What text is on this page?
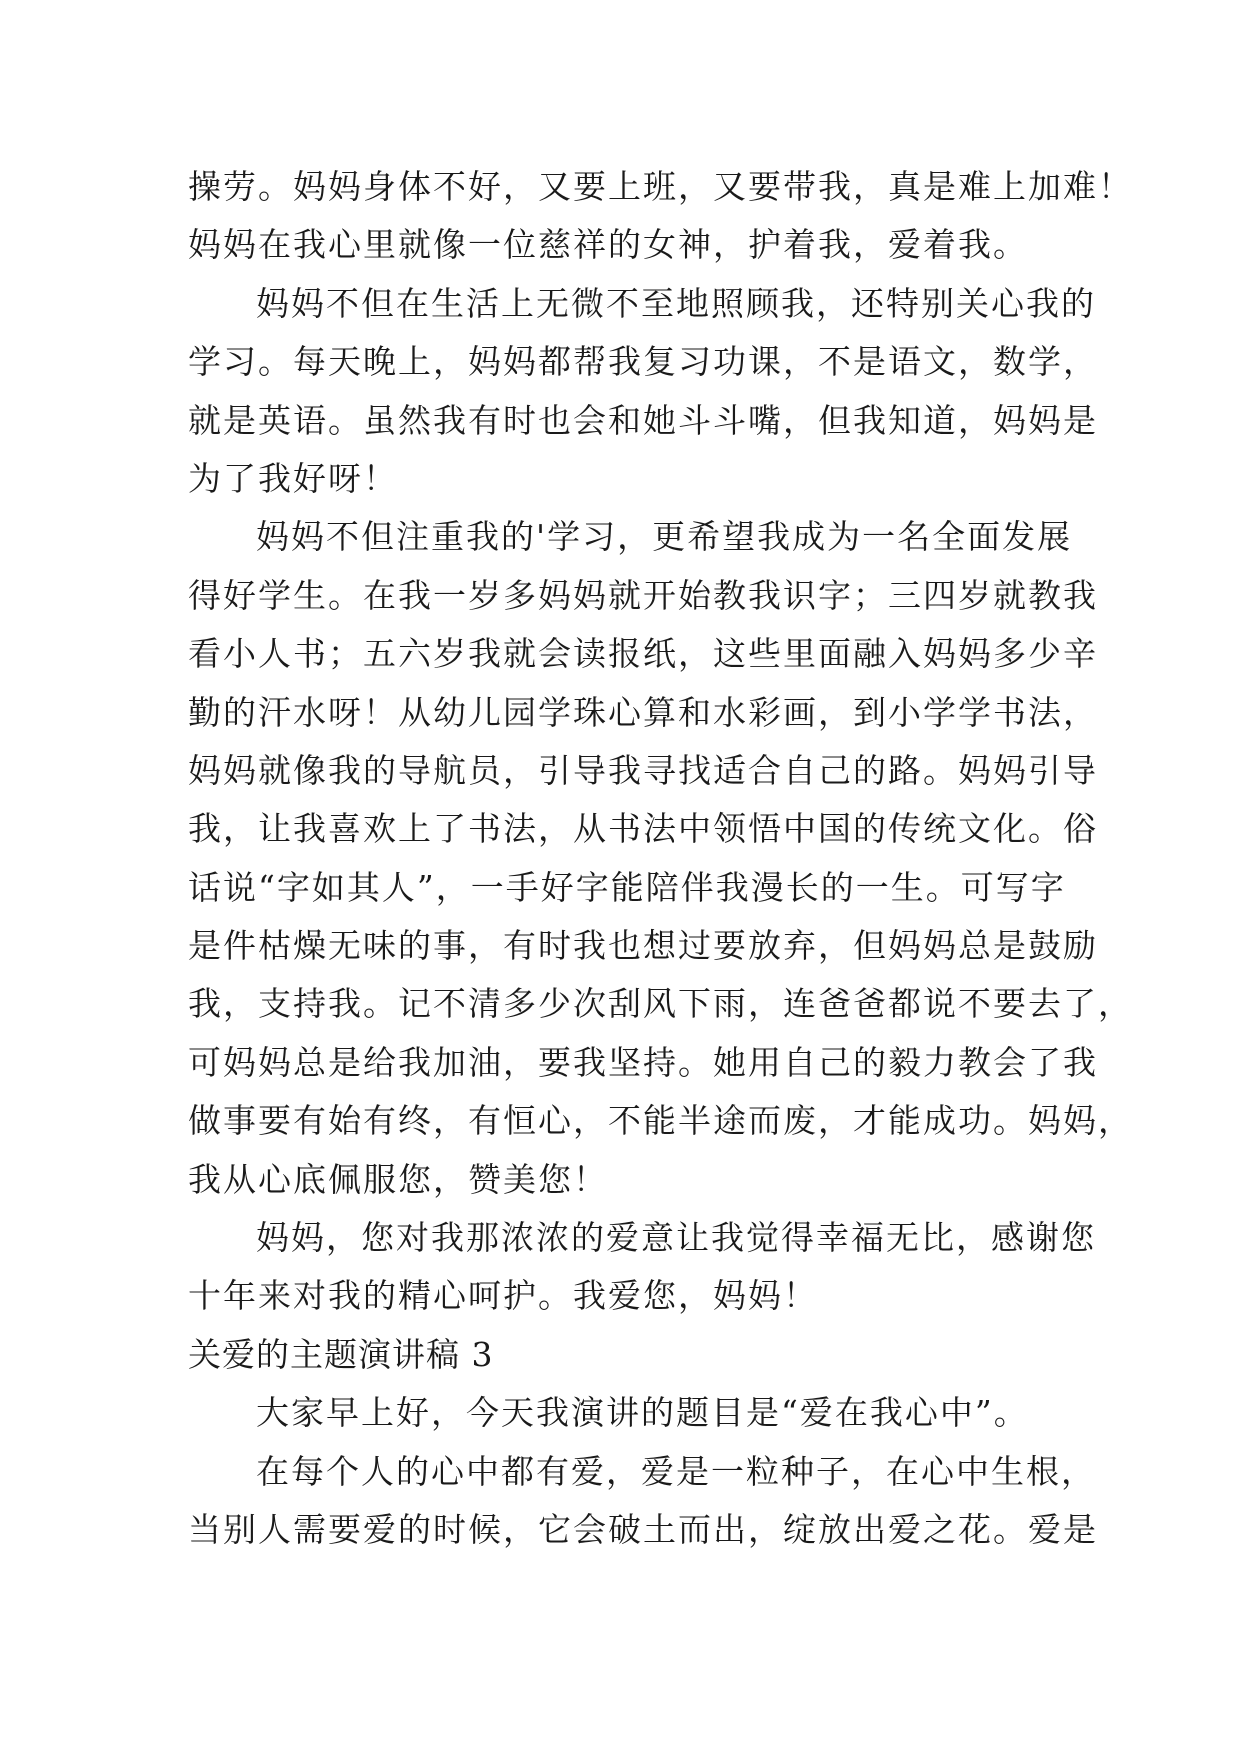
操劳。妈妈身体不好，又要上班，又要带我，真是难上加难！
妈妈在我心里就像一位慈祥的女神，护着我，爱着我。
妈妈不但在生活上无微不至地照顾我，还特别关心我的
学习。每天晚上，妈妈都帮我复习功课，不是语文，数学，
就是英语。虽然我有时也会和她斗斗嘴，但我知道，妈妈是
为了我好呀！
妈妈不但注重我的'学习，更希望我成为一名全面发展
得好学生。在我一岁多妈妈就开始教我识字；三四岁就教我
看小人书；五六岁我就会读报纸，这些里面融入妈妈多少辛
勤的汗水呀！从幼儿园学珠心算和水彩画，到小学学书法，
妈妈就像我的导航员，引导我寻找适合自己的路。妈妈引导
我，让我喜欢上了书法，从书法中领悟中国的传统文化。俗
话说“字如其人”，一手好字能陪伴我漫长的一生。可写字
是件枯燥无味的事，有时我也想过要放弃，但妈妈总是鼓励
我，支持我。记不清多少次刮风下雨，连爸爸都说不要去了，
可妈妈总是给我加油，要我坚持。她用自己的毅力教会了我
做事要有始有终，有恒心，不能半途而废，才能成功。妈妈，
我从心底佩服您，赞美您！
妈妈，您对我那浓浓的爱意让我觉得幸福无比，感谢您
十年来对我的精心呵护。我爱您，妈妈！
关爱的主题演讲稿 3
大家早上好，今天我演讲的题目是“爱在我心中”。
在每个人的心中都有爱，爱是一粒种子，在心中生根，
当别人需要爱的时候，它会破土而出，绽放出爱之花。爱是
